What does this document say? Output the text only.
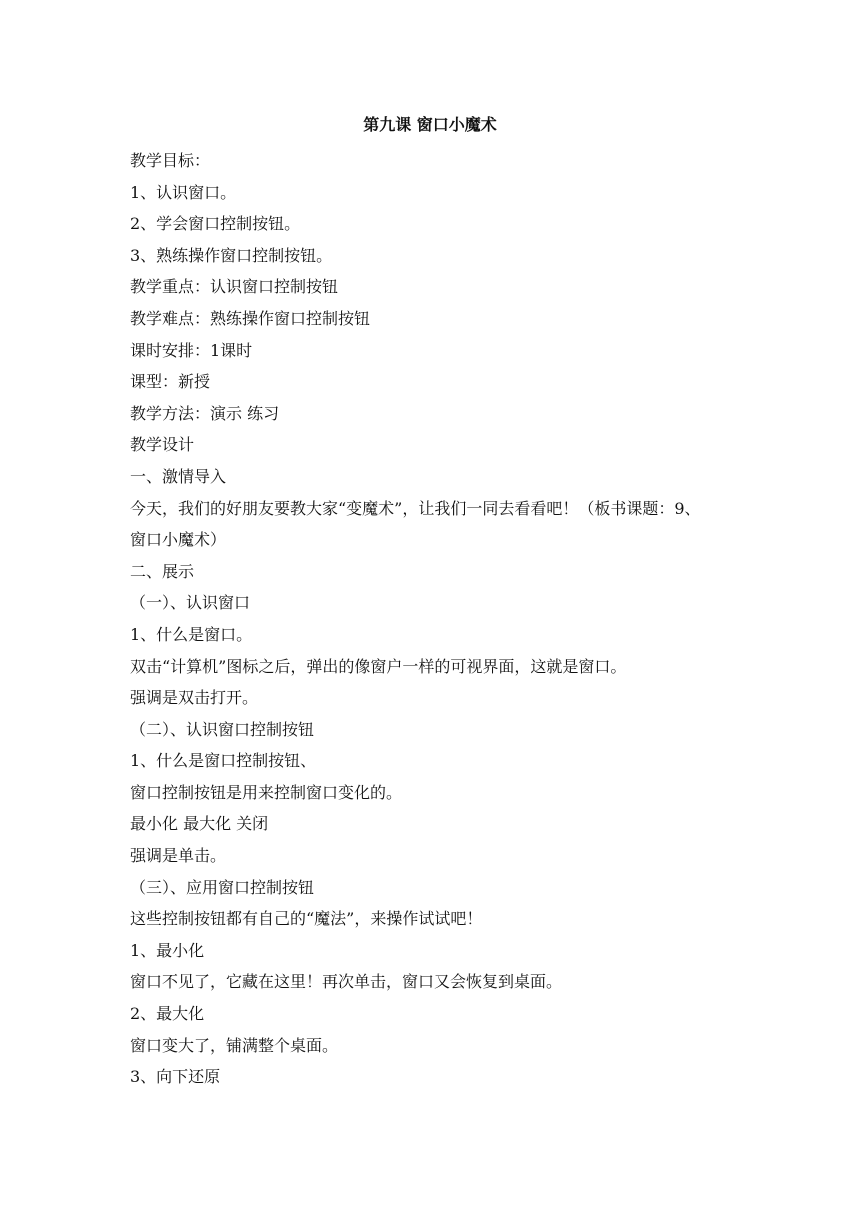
第九课 窗口小魔术
教学目标：
1、认识窗口。
2、学会窗口控制按钮。
3、熟练操作窗口控制按钮。
教学重点：认识窗口控制按钮
教学难点：熟练操作窗口控制按钮
课时安排：1课时
课型：新授
教学方法：演示 练习
教学设计
一、激情导入
今天，我们的好朋友要教大家“变魔术”，让我们一同去看看吧！（板书课题：9、
窗口小魔术）
二、展示
（一）、认识窗口
1、什么是窗口。
双击“计算机”图标之后，弹出的像窗户一样的可视界面，这就是窗口。
强调是双击打开。
（二）、认识窗口控制按钮
1、什么是窗口控制按钮、
窗口控制按钮是用来控制窗口变化的。
最小化 最大化 关闭
强调是单击。
（三）、应用窗口控制按钮
这些控制按钮都有自己的“魔法”，来操作试试吧！
1、最小化
窗口不见了，它藏在这里！再次单击，窗口又会恢复到桌面。
2、最大化
窗口变大了，铺满整个桌面。
3、向下还原
